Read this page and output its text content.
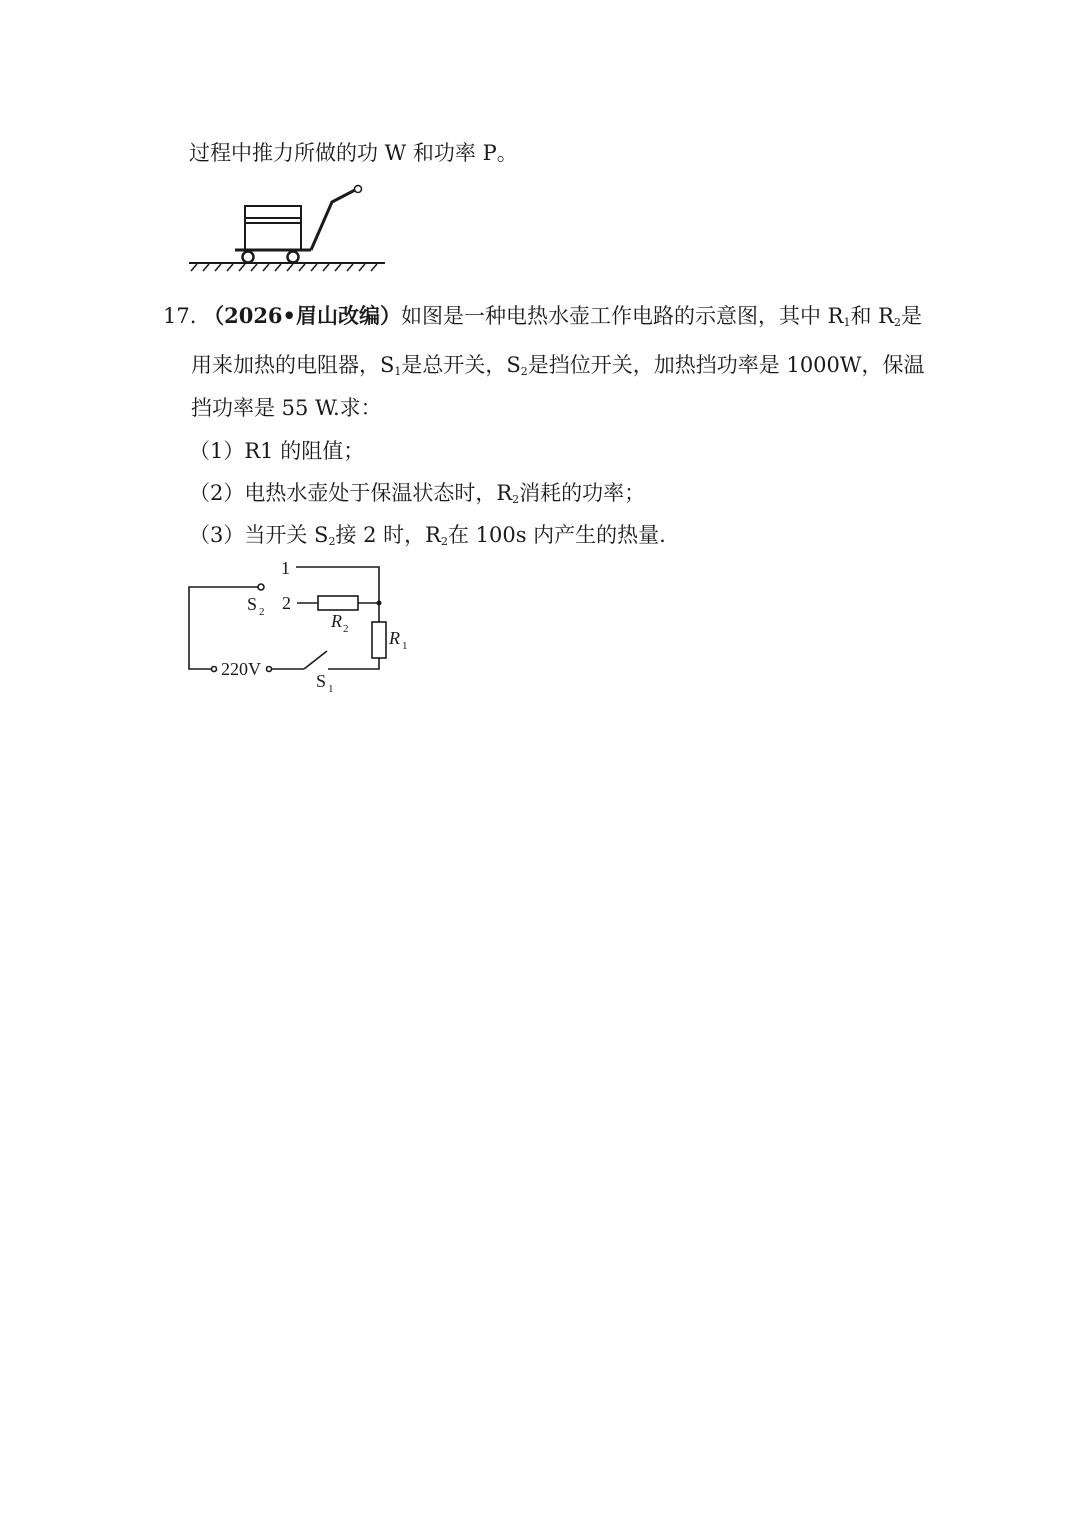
过程中推力所做的功 W 和功率 P。
17. （2026•眉山改编）如图是一种电热水壶工作电路的示意图，其中 $R_1$和 $R_2$是
用来加热的电阻器，$S_1$是总开关，$S_2$是挡位开关，加热挡功率是 1000W，保温
挡功率是 55 W.求：
（1）R1 的阻值；
（2）电热水壶处于保温状态时，$R_2$消耗的功率；
（3）当开关 $S_2$接 2 时，$R_2$在 100s 内产生的热量.
1
2
S 2	R 2 R 1
220V
S 1
